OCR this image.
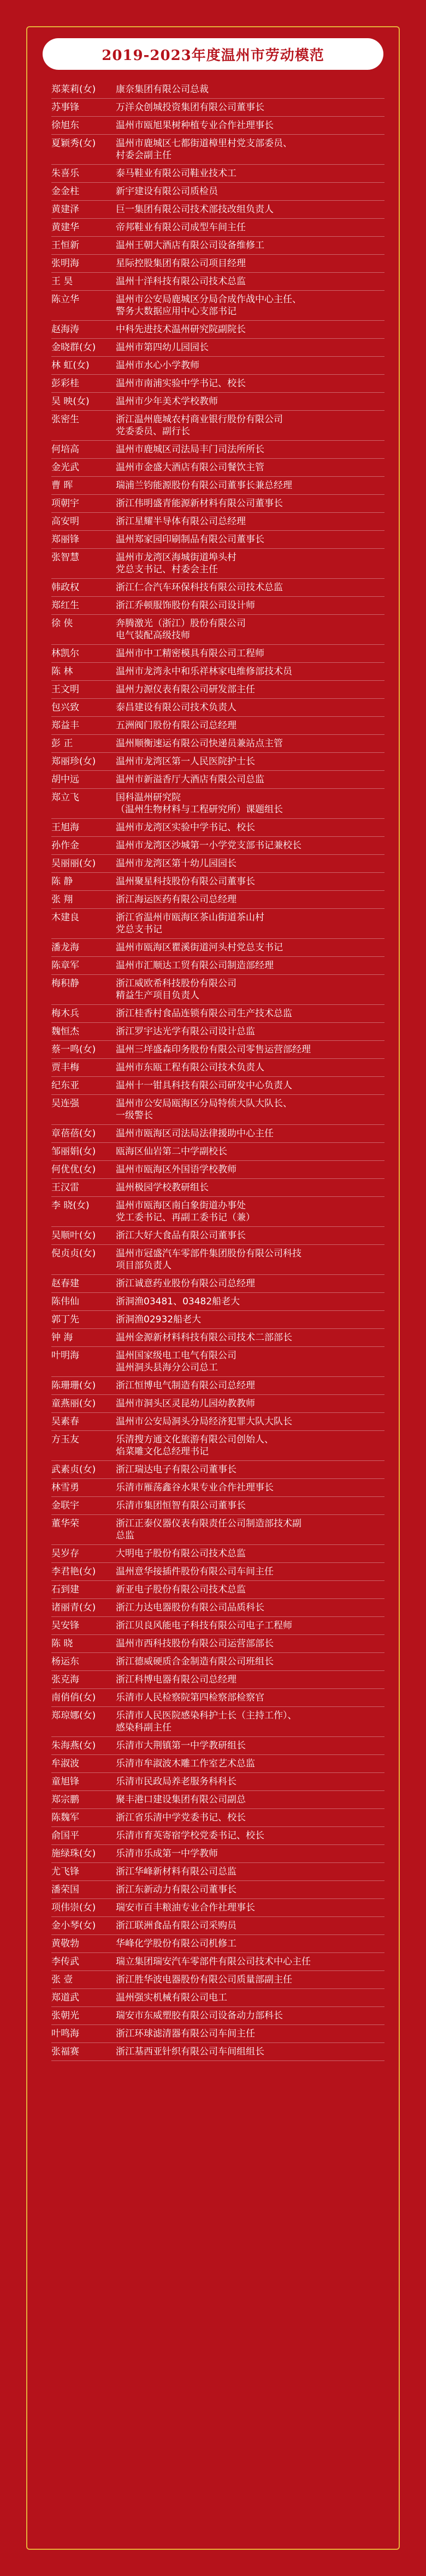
2019-2023年度温州市劳动模范
郑莱莉(女)	康奈集团有限公司总裁
苏事锋	万洋众创城投资集团有限公司董事长
徐旭东	温州市瓯旭果树种植专业合作社理事长
夏颖秀(女)	温州市鹿城区七都街道樟里村党支部委员、
村委会副主任
朱喜乐	泰马鞋业有限公司鞋业技术工
金金柱	新宇建设有限公司质检员
黄建泽	巨一集团有限公司技术部技改组负责人
黄建华	帝邦鞋业有限公司成型车间主任
王恒新	温州王朝大酒店有限公司设备维修工
张明海	星际控股集团有限公司项目经理
王 昊	温州十洋科技有限公司技术总监
陈立华	温州市公安局鹿城区分局合成作战中心主任、
警务大数据应用中心支部书记
赵海涛	中科先进技术温州研究院副院长
金晓群(女)	温州市第四幼儿园园长
林 虹(女)	温州市水心小学教师
彭彩桂	温州市南浦实验中学书记、校长
吴 映(女)	温州市少年美术学校教师
张密生	浙江温州鹿城农村商业银行股份有限公司
党委委员、副行长
何培高	温州市鹿城区司法局丰门司法所所长
金光武	温州市金盛大酒店有限公司餐饮主管
曹 晖	瑞浦兰钧能源股份有限公司董事长兼总经理
项朝宇	浙江伟明盛青能源新材料有限公司董事长
高安明	浙江星耀半导体有限公司总经理
郑丽锋	温州郑家园印刷制品有限公司董事长
张智慧	温州市龙湾区海城街道埠头村
党总支书记、村委会主任
韩政权	浙江仁合汽车环保科技有限公司技术总监
郑红生	浙江乔顿服饰股份有限公司设计师
徐 侠	奔腾激光（浙江）股份有限公司
电气装配高级技师
林凯尔	温州市中工精密模具有限公司工程师
陈 林	温州市龙湾永中和乐祥林家电维修部技术员
王文明	温州力源仪表有限公司研发部主任
包兴致	泰昌建设有限公司技术负责人
郑益丰	五洲阀门股份有限公司总经理
彭 正	温州顺衡速运有限公司快递员兼站点主管
郑丽珍(女)	温州市龙湾区第一人民医院护士长
胡中远	温州市新溢香厅大酒店有限公司总监
郑立飞	国科温州研究院
（温州生物材料与工程研究所）课题组长
王旭海	温州市龙湾区实验中学书记、校长
孙作金	温州市龙湾区沙城第一小学党支部书记兼校长
吴丽丽(女)	温州市龙湾区第十幼儿园园长
陈 静	温州聚星科技股份有限公司董事长
张 翔	浙江海运医药有限公司总经理
木建良	浙江省温州市瓯海区茶山街道茶山村
党总支书记
潘龙海	温州市瓯海区瞿溪街道河头村党总支书记
陈章军	温州市汇顺达工贸有限公司制造部经理
梅积静	浙江威欧希科技股份有限公司
精益生产项目负责人
梅木兵	浙江桂香村食品连锁有限公司生产技术总监
魏恒杰	浙江罗宇达光学有限公司设计总监
蔡一鸣(女)	温州三垟盛森印务股份有限公司零售运营部经理
贾丰梅	温州市东瓯工程有限公司技术负责人
纪东亚	温州十一钳具科技有限公司研发中心负责人
吴连强	温州市公安局瓯海区分局特侦大队大队长、
一级警长
章蓓蓓(女)	温州市瓯海区司法局法律援助中心主任
邹丽娟(女)	瓯海区仙岩第二中学副校长
何优优(女)	温州市瓯海区外国语学校教师
王汉雷	温州极园学校教研组长
李 晓(女)	温州市瓯海区南白象街道办事处
党工委书记、再副工委书记（兼）
吴顺叶(女)	浙江大好大食品有限公司董事长
倪贞贞(女)	温州市冠盛汽车零部件集团股份有限公司科技
项目部负责人
赵春建	浙江诚意药业股份有限公司总经理
陈伟仙	浙洞渔03481、03482船老大
郭丁先	浙洞渔02932船老大
钟 海	温州金源新材料科技有限公司技术二部部长
叶明海	温州国家级电工电气有限公司
温州洞头县海分公司总工
陈珊珊(女)	浙江恒博电气制造有限公司总经理
童燕丽(女)	温州市洞头区灵昆幼儿园幼教教师
吴素春	温州市公安局洞头分局经济犯罪大队大队长
方玉友	乐清搜方通文化旅游有限公司创始人、
焰菜雕文化总经理书记
武素贞(女)	浙江瑞达电子有限公司董事长
林雪勇	乐清市雁荡鑫谷水果专业合作社理事长
金联宇	乐清市集团恒智有限公司董事长
董华荣	浙江正泰仪器仪表有限责任公司制造部技术副
总监
吴岁存	大明电子股份有限公司技术总监
李君艳(女)	温州意华接插件股份有限公司车间主任
石到建	新亚电子股份有限公司技术总监
诸丽青(女)	浙江力达电器股份有限公司品质科长
吴安锋	浙江贝良风能电子科技有限公司电子工程师
陈 晓	温州市西科技股份有限公司运营部部长
杨运东	浙江德威硬质合金制造有限公司班组长
张克海	浙江科博电器有限公司总经理
南俏俏(女)	乐清市人民检察院第四检察部检察官
郑琼娜(女)	乐清市人民医院感染科护士长（主持工作）、
感染科副主任
朱海燕(女)	乐清市大荆镇第一中学教研组长
牟淑波	乐清市牟淑波木雕工作室艺术总监
童旭锋	乐清市民政局养老服务科科长
郑宗鹏	聚丰港口建设集团有限公司副总
陈魏军	浙江省乐清中学党委书记、校长
俞国平	乐清市育英寄宿学校党委书记、校长
施绿珠(女)	乐清市乐成第一中学教师
尤飞锋	浙江华峰新材料有限公司总监
潘荣国	浙江东新动力有限公司董事长
项伟崇(女)	瑞安市百丰粮油专业合作社理事长
金小琴(女)	浙江联洲食品有限公司采购员
黄敬勃	华峰化学股份有限公司机修工
李传武	瑞立集团瑞安汽车零部件有限公司技术中心主任
张 壹	浙江胜华波电器股份有限公司质量部副主任
郑道武	温州强实机械有限公司电工
张朝光	瑞安市东威塑胶有限公司设备动力部科长
叶鸣海	浙江环球滤清器有限公司车间主任
张福赛	浙江基西亚针织有限公司车间组组长
